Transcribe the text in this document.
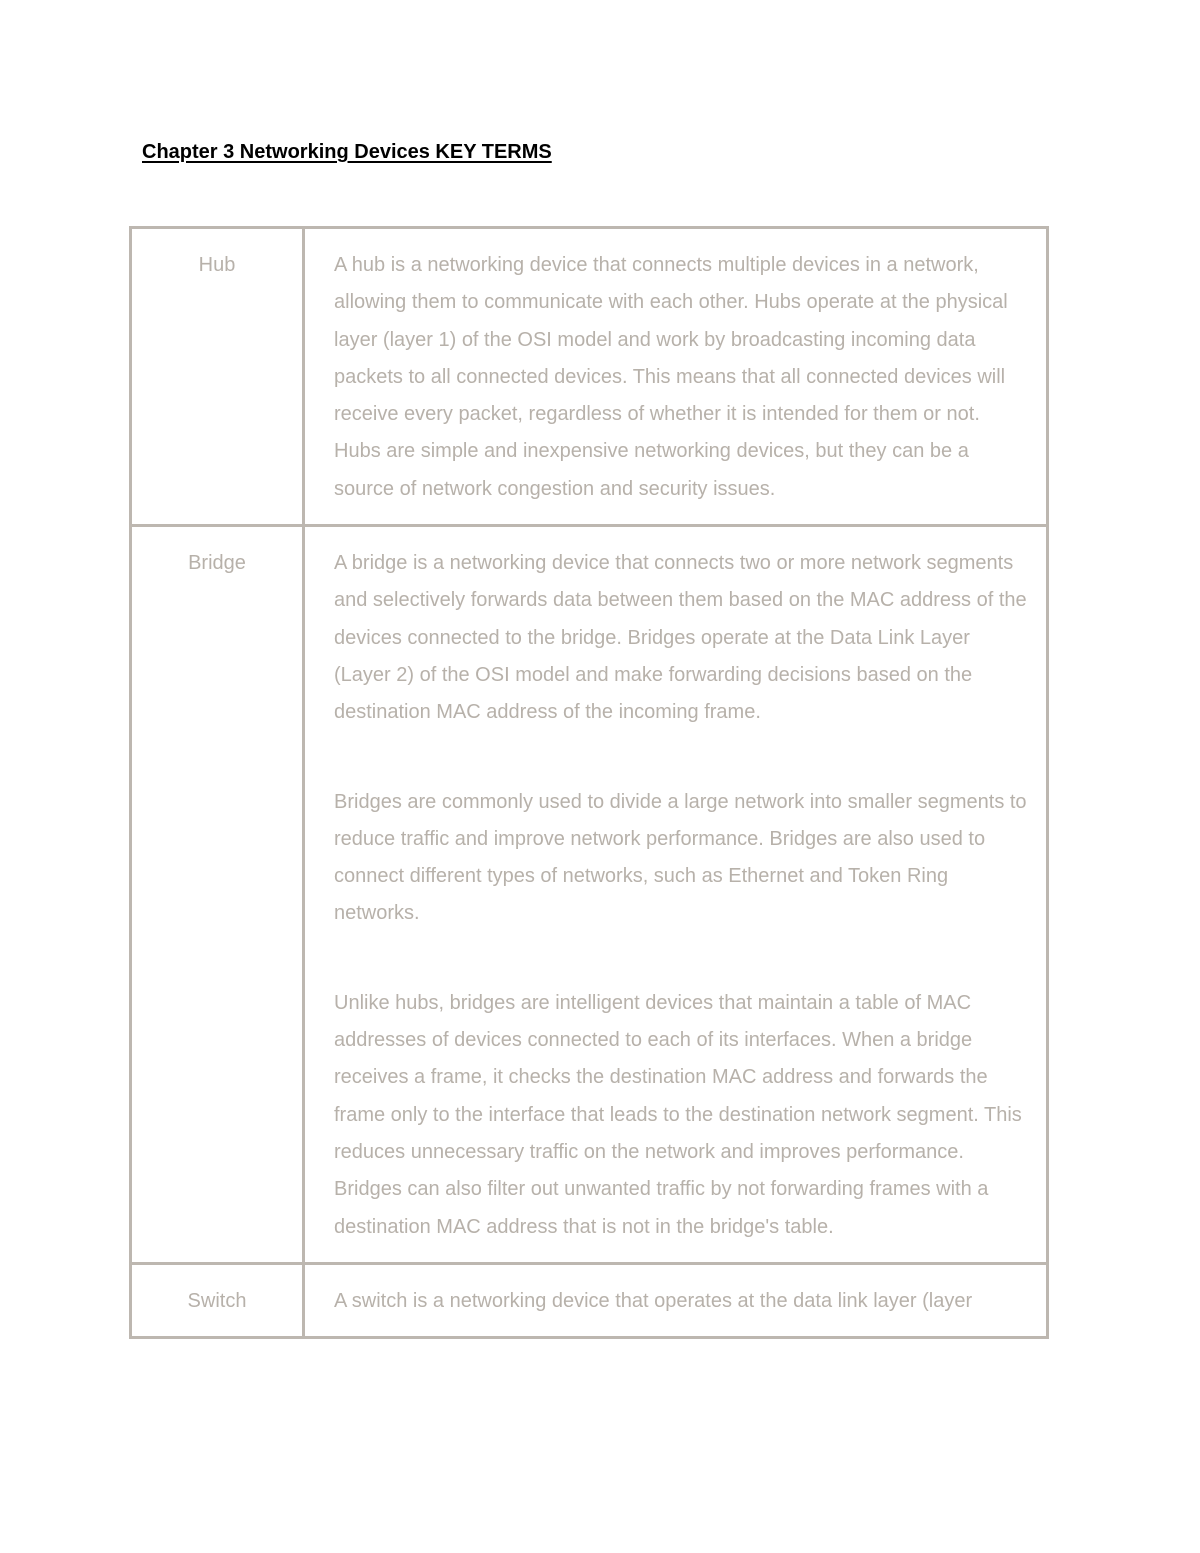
Chapter 3 Networking Devices KEY TERMS
Hub	A hub is a networking device that connects multiple devices in a network, allowing them to communicate with each other. Hubs operate at the physical layer (layer 1) of the OSI model and work by broadcasting incoming data packets to all connected devices. This means that all connected devices will receive every packet, regardless of whether it is intended for them or not. Hubs are simple and inexpensive networking devices, but they can be a source of network congestion and security issues.

Bridge	A bridge is a networking device that connects two or more network segments and selectively forwards data between them based on the MAC address of the devices connected to the bridge. Bridges operate at the Data Link Layer (Layer 2) of the OSI model and make forwarding decisions based on the destination MAC address of the incoming frame.

Bridges are commonly used to divide a large network into smaller segments to reduce traffic and improve network performance. Bridges are also used to connect different types of networks, such as Ethernet and Token Ring networks.

Unlike hubs, bridges are intelligent devices that maintain a table of MAC addresses of devices connected to each of its interfaces. When a bridge receives a frame, it checks the destination MAC address and forwards the frame only to the interface that leads to the destination network segment. This reduces unnecessary traffic on the network and improves performance. Bridges can also filter out unwanted traffic by not forwarding frames with a destination MAC address that is not in the bridge's table.

Switch	A switch is a networking device that operates at the data link layer (layer
